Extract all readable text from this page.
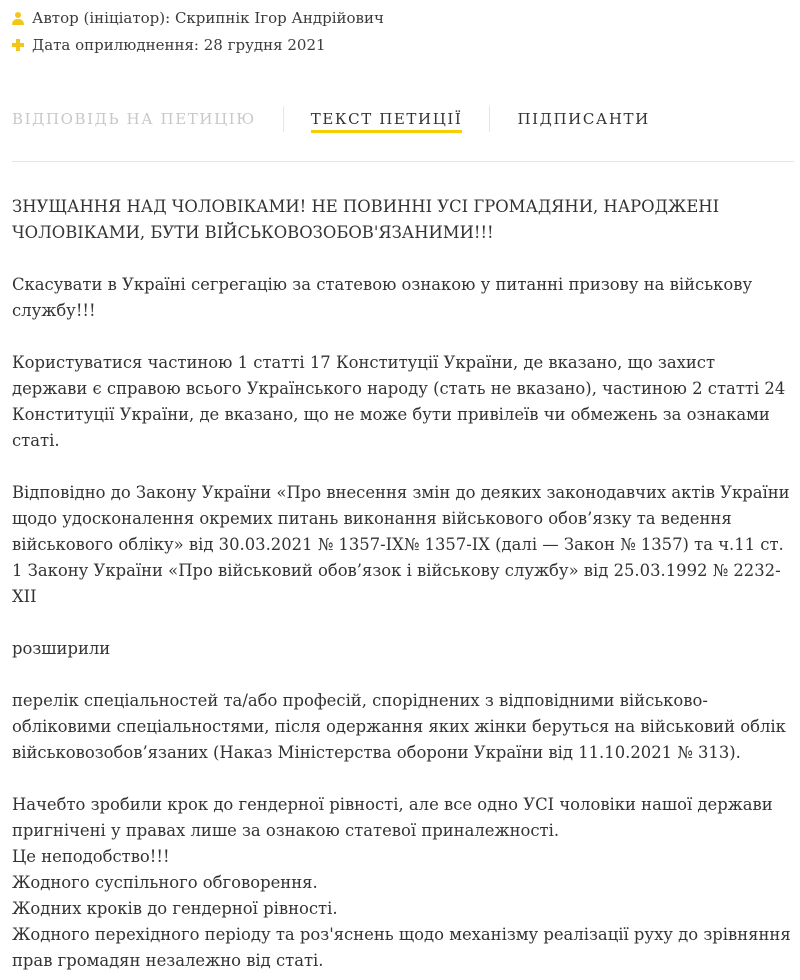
Автор (ініціатор): Скрипнік Ігор Андрійович
Дата оприлюднення: 28 грудня 2021
ВІДПОВІДЬ НА ПЕТИЦІЮ	ТЕКСТ ПЕТИЦІЇ	ПІДПИСАНТИ

ЗНУЩАННЯ НАД ЧОЛОВІКАМИ! НЕ ПОВИННІ УСІ ГРОМАДЯНИ, НАРОДЖЕНІ ЧОЛОВІКАМИ, БУТИ ВІЙСЬКОВОЗОБОВ'ЯЗАНИМИ!!!

Скасувати в Україні сегрегацію за статевою ознакою у питанні призову на військову службу!!!

Користуватися частиною 1 статті 17 Конституції України, де вказано, що захист держави є справою всього Українського народу (стать не вказано), частиною 2 статті 24 Конституції України, де вказано, що не може бути привілеїв чи обмежень за ознаками статі.

Відповідно до Закону України «Про внесення змін до деяких законодавчих актів України щодо удосконалення окремих питань виконання військового обов’язку та ведення військового обліку» від 30.03.2021 № 1357-IX№ 1357-IX (далі — Закон № 1357) та ч.11 ст. 1 Закону України «Про військовий обов’язок і військову службу» від 25.03.1992 № 2232-XII

розширили

перелік спеціальностей та/або професій, споріднених з відповідними військово-обліковими спеціальностями, після одержання яких жінки беруться на військовий облік військовозобов’язаних (Наказ Міністерства оборони України від 11.10.2021 № 313).

Начебто зробили крок до гендерної рівності, але все одно УСІ чоловіки нашої держави пригнічені у правах лише за ознакою статевої приналежності.

Це неподобство!!!

Жодного суспільного обговорення.

Жодних кроків до гендерної рівності.

Жодного перехідного періоду та роз'яснень щодо механізму реалізації руху до зрівняння прав громадян незалежно від статі.
